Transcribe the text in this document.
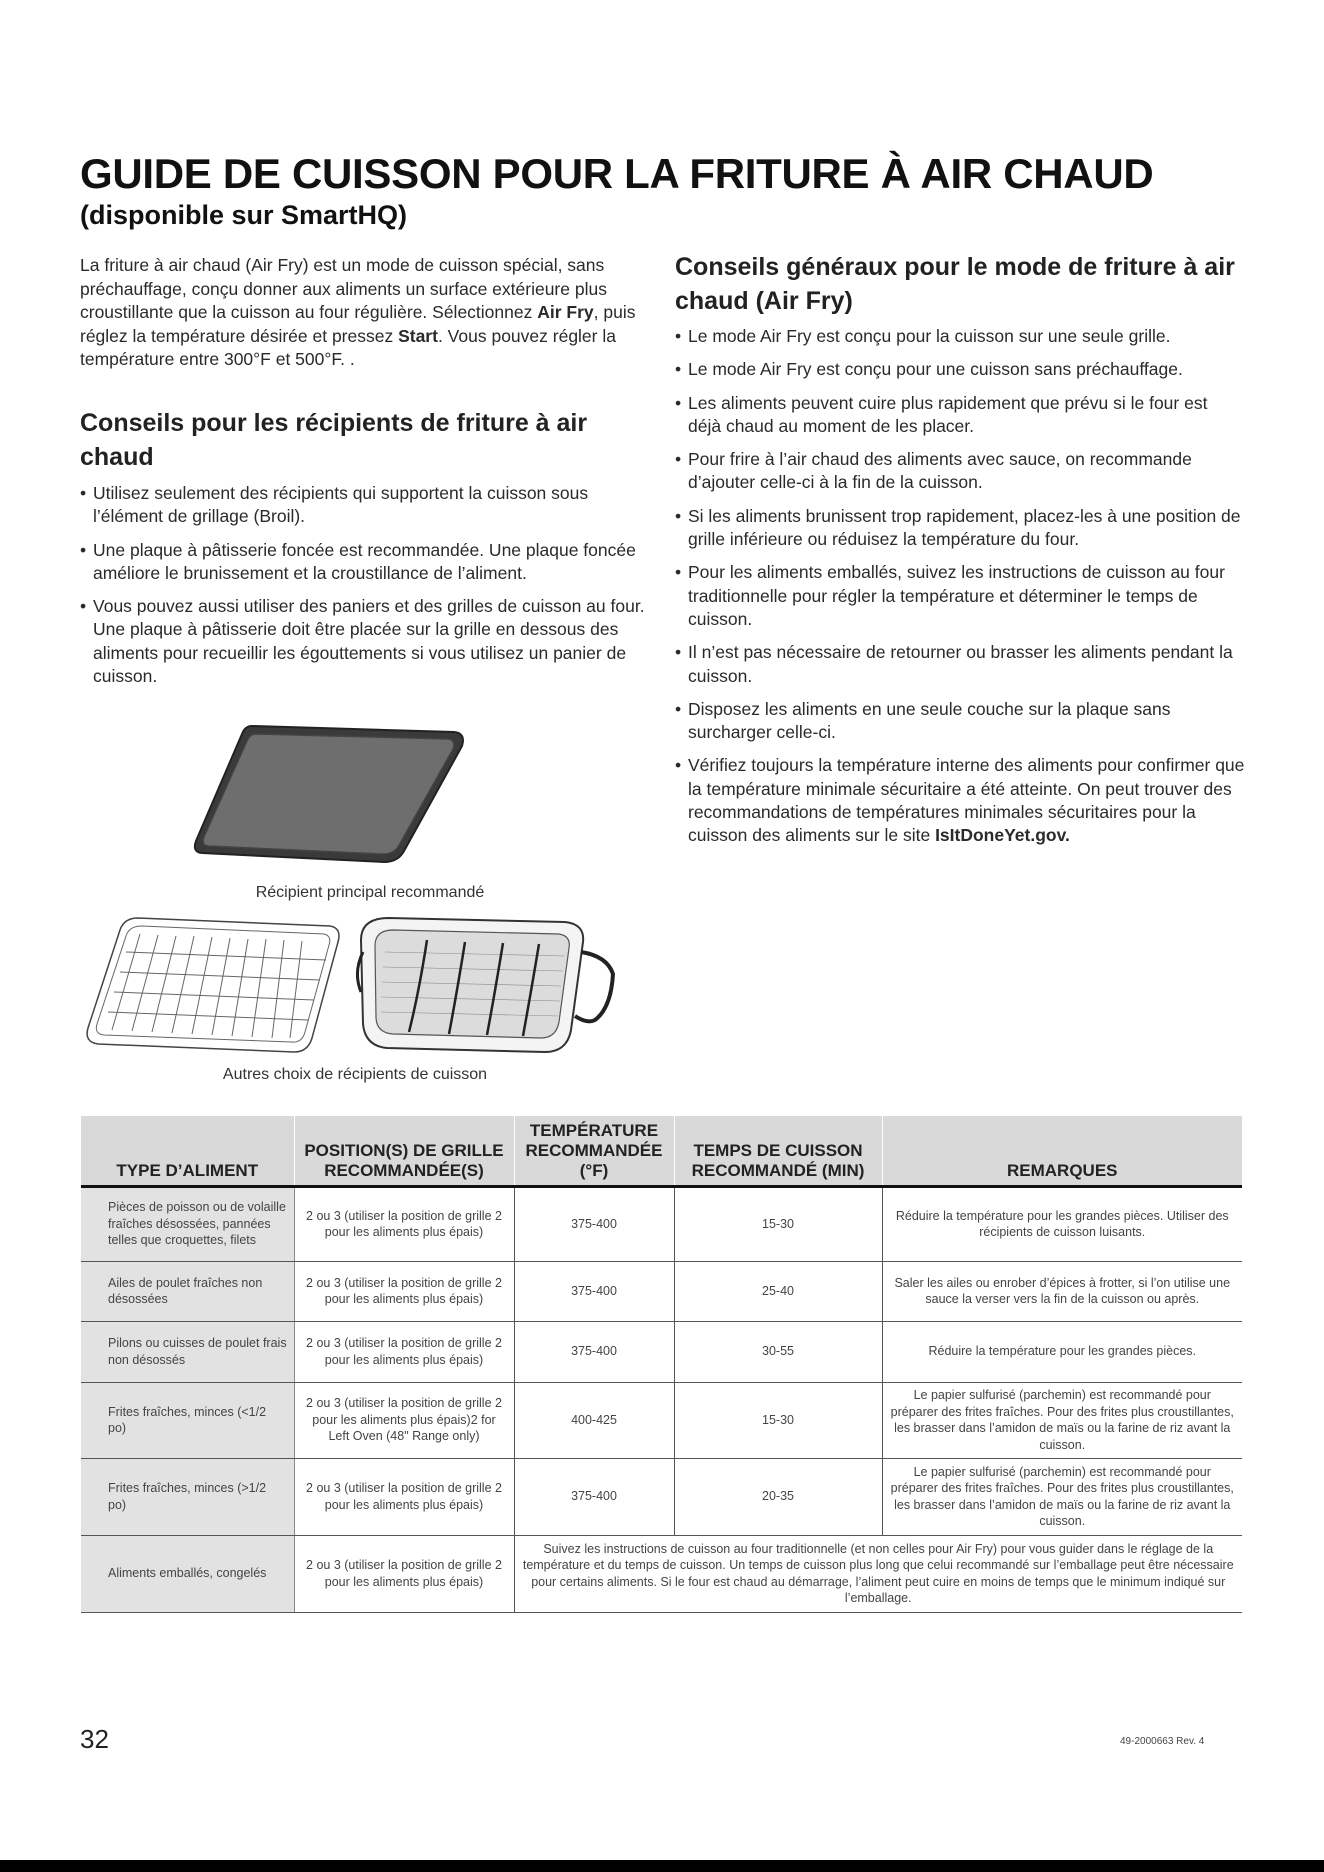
GUIDE DE CUISSON POUR LA FRITURE À AIR CHAUD
(disponible sur SmartHQ)
La friture à air chaud (Air Fry) est un mode de cuisson spécial, sans préchauffage, conçu donner aux aliments un surface extérieure plus croustillante que la cuisson au four régulière. Sélectionnez Air Fry, puis réglez la température désirée et pressez Start. Vous pouvez régler la température entre 300°F et 500°F. .
Conseils pour les récipients de friture à air chaud
• Utilisez seulement des récipients qui supportent la cuisson sous l’élément de grillage (Broil).
• Une plaque à pâtisserie foncée est recommandée. Une plaque foncée améliore le brunissement et la croustillance de l’aliment.
• Vous pouvez aussi utiliser des paniers et des grilles de cuisson au four. Une plaque à pâtisserie doit être placée sur la grille en dessous des aliments pour recueillir les égouttements si vous utilisez un panier de cuisson.
Récipient principal recommandé
Autres choix de récipients de cuisson
Conseils généraux pour le mode de friture à air chaud (Air Fry)
• Le mode Air Fry est conçu pour la cuisson sur une seule grille.
• Le mode Air Fry est conçu pour une cuisson sans préchauffage.
• Les aliments peuvent cuire plus rapidement que prévu si le four est déjà chaud au moment de les placer.
• Pour frire à l’air chaud des aliments avec sauce, on recommande d’ajouter celle-ci à la fin de la cuisson.
• Si les aliments brunissent trop rapidement, placez-les à une position de grille inférieure ou réduisez la température du four.
• Pour les aliments emballés, suivez les instructions de cuisson au four traditionnelle pour régler la température et déterminer le temps de cuisson.
• Il n’est pas nécessaire de retourner ou brasser les aliments pendant la cuisson.
• Disposez les aliments en une seule couche sur la plaque sans surcharger celle-ci.
• Vérifiez toujours la température interne des aliments pour confirmer que la température minimale sécuritaire a été atteinte. On peut trouver des recommandations de températures minimales sécuritaires pour la cuisson des aliments sur le site IsItDoneYet.gov.
TYPE D’ALIMENT	POSITION(S) DE GRILLE RECOMMANDÉE(S)	TEMPÉRATURE RECOMMANDÉE (°F)	TEMPS DE CUISSON RECOMMANDÉ (MIN)	REMARQUES
Pièces de poisson ou de volaille fraîches désossées, pannées telles que croquettes, filets	2 ou 3 (utiliser la position de grille 2 pour les aliments plus épais)	375-400	15-30	Réduire la température pour les grandes pièces. Utiliser des récipients de cuisson luisants.
Ailes de poulet fraîches non désossées	2 ou 3 (utiliser la position de grille 2 pour les aliments plus épais)	375-400	25-40	Saler les ailes ou enrober d’épices à frotter, si l’on utilise une sauce la verser vers la fin de la cuisson ou après.
Pilons ou cuisses de poulet frais non désossés	2 ou 3 (utiliser la position de grille 2 pour les aliments plus épais)	375-400	30-55	Réduire la température pour les grandes pièces.
Frites fraîches, minces (<1/2 po)	2 ou 3 (utiliser la position de grille 2 pour les aliments plus épais)2 for Left Oven (48" Range only)	400-425	15-30	Le papier sulfurisé (parchemin) est recommandé pour préparer des frites fraîches. Pour des frites plus croustillantes, les brasser dans l’amidon de maïs ou la farine de riz avant la cuisson.
Frites fraîches, minces (>1/2 po)	2 ou 3 (utiliser la position de grille 2 pour les aliments plus épais)	375-400	20-35	Le papier sulfurisé (parchemin) est recommandé pour préparer des frites fraîches. Pour des frites plus croustillantes, les brasser dans l’amidon de maïs ou la farine de riz avant la cuisson.
Aliments emballés, congelés	2 ou 3 (utiliser la position de grille 2 pour les aliments plus épais)	Suivez les instructions de cuisson au four traditionnelle (et non celles pour Air Fry) pour vous guider dans le réglage de la température et du temps de cuisson. Un temps de cuisson plus long que celui recommandé sur l’emballage peut être nécessaire pour certains aliments. Si le four est chaud au démarrage, l’aliment peut cuire en moins de temps que le minimum indiqué sur l’emballage.		
32	49-2000663 Rev. 4
